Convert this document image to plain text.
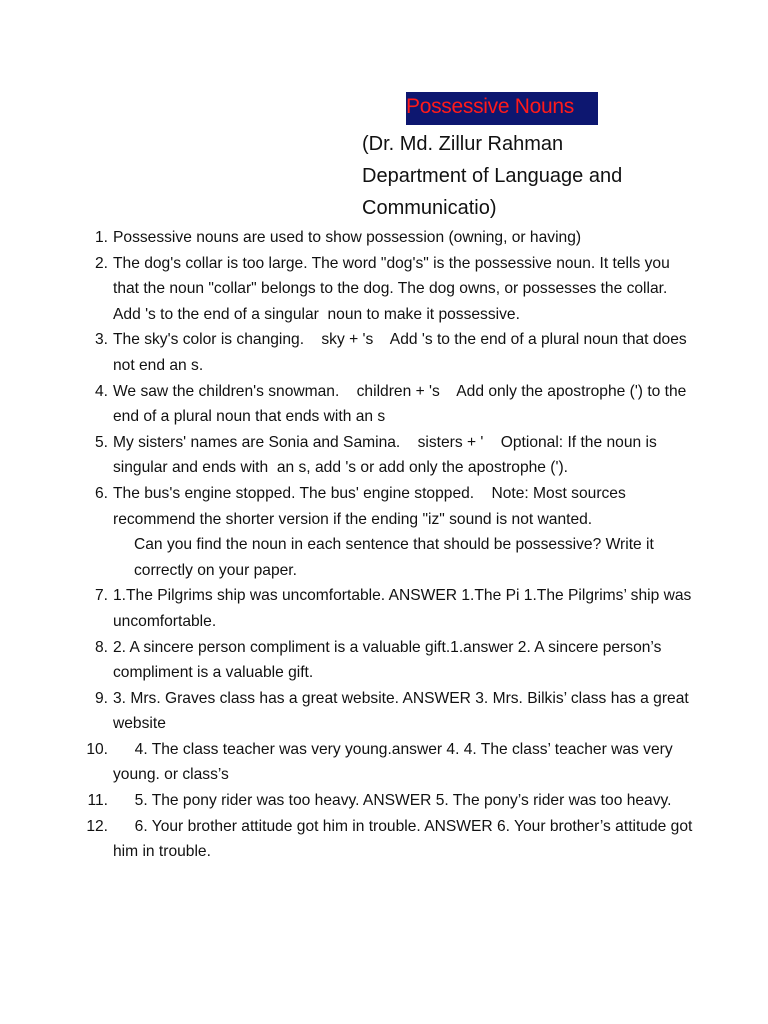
Possessive Nouns
(Dr. Md. Zillur Rahman
Department of Language and
Communicatio)
1. Possessive nouns are used to show possession (owning, or having)
2. The dog's collar is too large. The word "dog's" is the possessive noun. It tells you that the noun "collar" belongs to the dog. The dog owns, or possesses the collar. Add 's to the end of a singular  noun to make it possessive.
3. The sky's color is changing.    sky + 's    Add 's to the end of a plural noun that does not end an s.
4. We saw the children's snowman.    children + 's    Add only the apostrophe (') to the end of a plural noun that ends with an s
5. My sisters' names are Sonia and Samina.    sisters + '    Optional: If the noun is singular and ends with  an s, add 's or add only the apostrophe (').
6. The bus's engine stopped. The bus' engine stopped.    Note: Most sources recommend the shorter version if the ending "iz" sound is not wanted.
Can you find the noun in each sentence that should be possessive? Write it correctly on your paper.
7. 1.The Pilgrims ship was uncomfortable. ANSWER 1.The Pi 1.The Pilgrims’ ship was uncomfortable.
8. 2. A sincere person compliment is a valuable gift.1.answer 2. A sincere person’s compliment is a valuable gift.
9. 3. Mrs. Graves class has a great website. ANSWER 3. Mrs. Bilkis’ class has a great website
10. 4. The class teacher was very young.answer 4. 4. The class’ teacher was very young. or class’s
11. 5. The pony rider was too heavy. ANSWER 5. The pony’s rider was too heavy.
12. 6. Your brother attitude got him in trouble. ANSWER 6. Your brother’s attitude got him in trouble.
